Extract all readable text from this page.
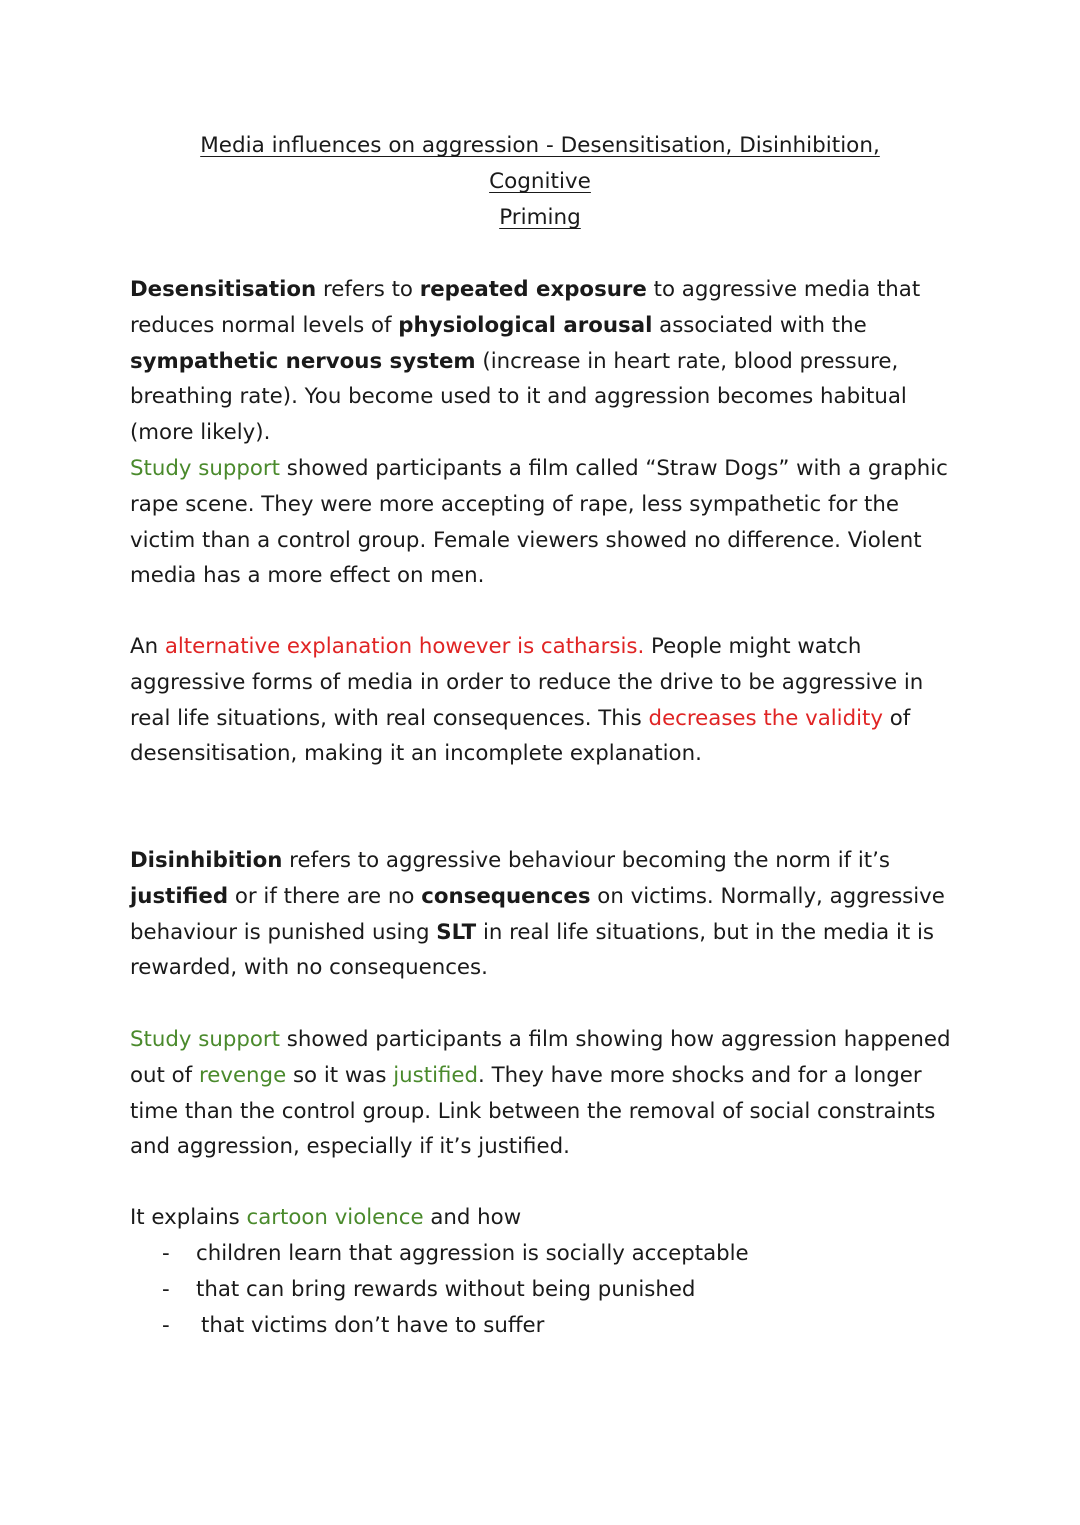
Media influences on aggression - Desensitisation, Disinhibition, Cognitive
Priming

Desensitisation refers to repeated exposure to aggressive media that reduces normal levels of physiological arousal associated with the sympathetic nervous system (increase in heart rate, blood pressure, breathing rate). You become used to it and aggression becomes habitual (more likely).

Study support showed participants a film called “Straw Dogs” with a graphic rape scene. They were more accepting of rape, less sympathetic for the victim than a control group. Female viewers showed no difference. Violent media has a more effect on men.

An alternative explanation however is catharsis. People might watch aggressive forms of media in order to reduce the drive to be aggressive in real life situations, with real consequences. This decreases the validity of desensitisation, making it an incomplete explanation.

Disinhibition refers to aggressive behaviour becoming the norm if it’s justified or if there are no consequences on victims. Normally, aggressive behaviour is punished using SLT in real life situations, but in the media it is rewarded, with no consequences.

Study support showed participants a film showing how aggression happened out of revenge so it was justified. They have more shocks and for a longer time than the control group. Link between the removal of social constraints and aggression, especially if it’s justified.

It explains cartoon violence and how

- children learn that aggression is socially acceptable
- that can bring rewards without being punished
- that victims don’t have to suffer
